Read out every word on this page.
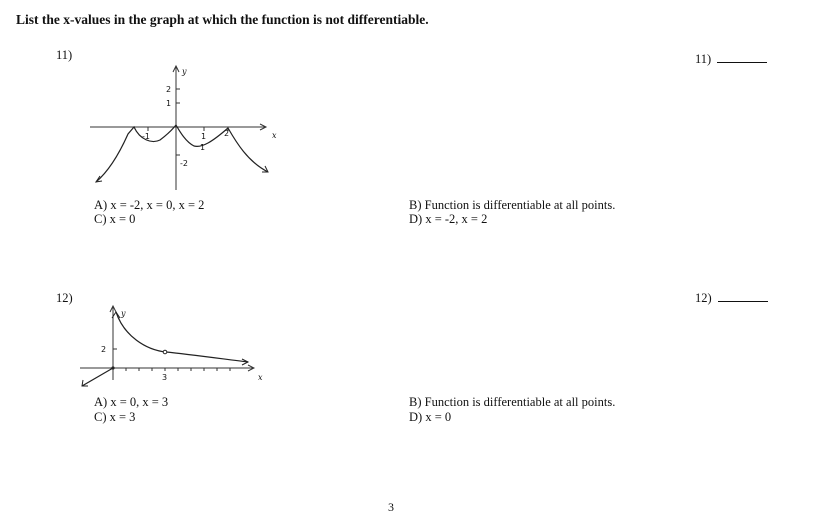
List the x-values in the graph at which the function is not differentiable.
11)	11)
y
x
2
1
-2
-1	1 2
1
A) x = -2, x = 0, x = 2
C) x = 0
B) Function is differentiable at all points.
D) x = -2, x = 2
12)	12)
y
x
2
3
A) x = 0, x = 3
C) x = 3
B) Function is differentiable at all points.
D) x = 0
3
